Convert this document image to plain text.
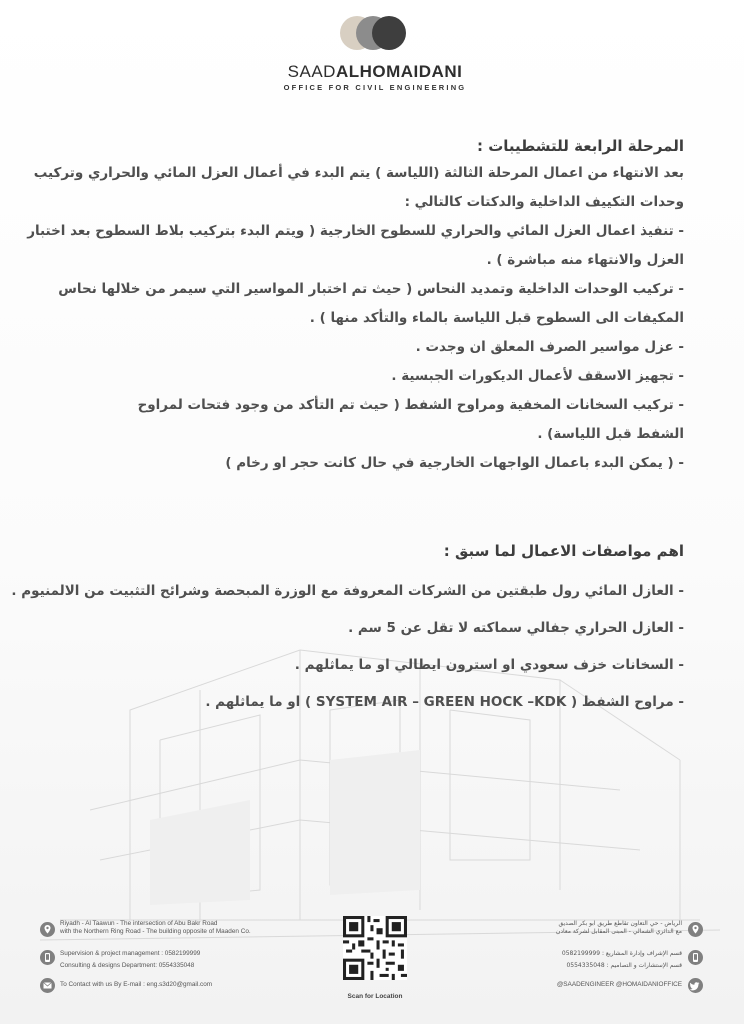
SAADALHOMAIDANI
OFFICE FOR CIVIL ENGINEERING
المرحلة الرابعة للتشطيبات :
بعد الانتهاء من اعمال المرحلة الثالثة (اللياسة ) يتم البدء في أعمال العزل المائي والحراري وتركيب
وحدات التكييف الداخلية والدكتات كالتالي :
- تنفيذ اعمال العزل المائي والحراري للسطوح الخارجية ( ويتم البدء بتركيب بلاط السطوح بعد اختبار
العزل والانتهاء منه مباشرة ) .
- تركيب الوحدات الداخلية وتمديد النحاس ( حيث تم اختبار المواسير التي سيمر من خلالها نحاس
المكيفات الى السطوح قبل اللياسة بالماء والتأكد منها ) .
- عزل مواسير الصرف المعلق ان وجدت .
- تجهيز الاسقف لأعمال الديكورات الجبسية .
- تركيب السخانات المخفية ومراوح الشفط ( حيث تم التأكد من وجود فتحات لمراوح
الشفط قبل اللياسة) .
- ( يمكن البدء باعمال الواجهات الخارجية في حال كانت حجر او رخام )
اهم مواصفات الاعمال لما سبق :
- العازل المائي رول طبقتين من الشركات المعروفة مع الوزرة المبحصة وشرائح التثبيت من الالمنيوم .
- العازل الحراري جفالي سماكته لا تقل عن 5 سم .
- السخانات خزف سعودي او استرون ايطالي او ما يماثلهم .
- مراوح الشفط ( SYSTEM AIR – GREEN HOCK –KDK ) او ما يماثلهم .
Riyadh - Al Taawun - The intersection of Abu Bakr Road
with the Northern Ring Road - The building opposite of Maaden Co.
Supervision & project management : 0582199999
Consulting & designs Department: 0554335048
To Contact with us By E-mail : eng.s3d20@gmail.com
Scan for Location
الرياض - حي التعاون تقاطع طريق ابو بكر الصديق
مع الدائري الشمالي - المبنى المقابل لشركة معادن
قسم الإشراف وإدارة المشاريع : 0582199999
قسم الإستشارات و التصاميم : 0554335048
@SAADENGINEER @HOMAIDANIOFFICE
